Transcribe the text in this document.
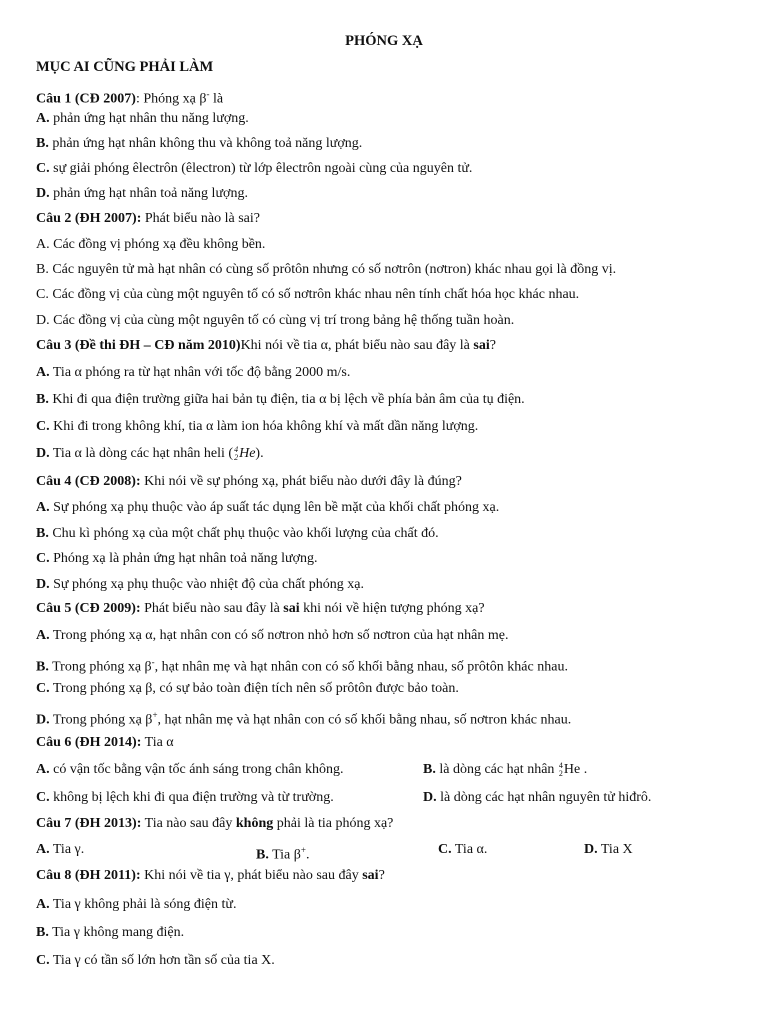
PHÓNG XẠ
MỤC AI CŨNG PHẢI LÀM
Câu 1 (CĐ 2007): Phóng xạ β- là
A. phản ứng hạt nhân thu năng lượng.
B. phản ứng hạt nhân không thu và không toả năng lượng.
C. sự giải phóng êlectrôn (êlectron) từ lớp êlectrôn ngoài cùng của nguyên tử.
D. phản ứng hạt nhân toả năng lượng.
Câu 2 (ĐH 2007): Phát biểu nào là sai?
A. Các đồng vị phóng xạ đều không bền.
B. Các nguyên tử mà hạt nhân có cùng số prôtôn nhưng có số nơtrôn (nơtron) khác nhau gọi là đồng vị.
C. Các đồng vị của cùng một nguyên tố có số nơtrôn khác nhau nên tính chất hóa học khác nhau.
D. Các đồng vị của cùng một nguyên tố có cùng vị trí trong bảng hệ thống tuần hoàn.
Câu 3 (Đề thi ĐH – CĐ năm 2010)Khi nói về tia α, phát biểu nào sau đây là sai?
A. Tia α phóng ra từ hạt nhân với tốc độ bằng 2000 m/s.
B. Khi đi qua điện trường giữa hai bản tụ điện, tia α bị lệch về phía bản âm của tụ điện.
C. Khi đi trong không khí, tia α làm ion hóa không khí và mất dần năng lượng.
D. Tia α là dòng các hạt nhân heli ( 4
2 He).
Câu 4 (CĐ 2008): Khi nói về sự phóng xạ, phát biểu nào dưới đây là đúng?
A. Sự phóng xạ phụ thuộc vào áp suất tác dụng lên bề mặt của khối chất phóng xạ.
B. Chu kì phóng xạ của một chất phụ thuộc vào khối lượng của chất đó.
C. Phóng xạ là phản ứng hạt nhân toả năng lượng.
D. Sự phóng xạ phụ thuộc vào nhiệt độ của chất phóng xạ.
Câu 5 (CĐ 2009): Phát biểu nào sau đây là sai khi nói về hiện tượng phóng xạ?
A. Trong phóng xạ α, hạt nhân con có số nơtron nhỏ hơn số nơtron của hạt nhân mẹ.
B. Trong phóng xạ β-, hạt nhân mẹ và hạt nhân con có số khối bằng nhau, số prôtôn khác nhau.
C. Trong phóng xạ β, có sự bảo toàn điện tích nên số prôtôn được bảo toàn.
D. Trong phóng xạ β+, hạt nhân mẹ và hạt nhân con có số khối bằng nhau, số nơtron khác nhau.
Câu 6 (ĐH 2014): Tia α
A. có vận tốc bằng vận tốc ánh sáng trong chân không.	B. là dòng các hạt nhân 4
2 He .
C. không bị lệch khi đi qua điện trường và từ trường.	D. là dòng các hạt nhân nguyên tử hiđrô.
Câu 7 (ĐH 2013): Tia nào sau đây không phải là tia phóng xạ?
A. Tia γ.	B. Tia β+.	C. Tia α.	D. Tia X
Câu 8 (ĐH 2011): Khi nói về tia γ, phát biểu nào sau đây sai?
A. Tia γ không phải là sóng điện từ.
B. Tia γ không mang điện.
C. Tia γ có tần số lớn hơn tần số của tia X.
